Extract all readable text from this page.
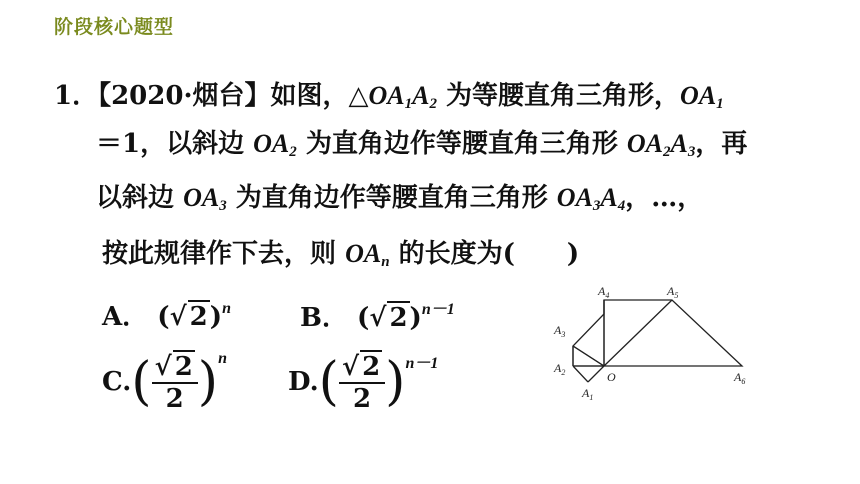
阶段核心题型
1．【2020·烟台】如图，$\triangle OA_1A_2$ 为等腰直角三角形，$OA_1$
＝1，以斜边 $OA_2$ 为直角边作等腰直角三角形 $OA_2A_3$，再
以斜边 $OA_3$ 为直角边作等腰直角三角形 $OA_3A_4$，…，
按此规律作下去，则 $OA_n$ 的长度为(　　)
A． (√ 2)$^n$	B． (√ 2)$^{n-1}$
C. ( $\frac{√ 2}{2}$ ) n
D. ( $\frac{√ 2}{2}$ ) n－1
$A_4$	$A_5$
$A_3$
$A_2$	O	$A_6$
$A_1$
